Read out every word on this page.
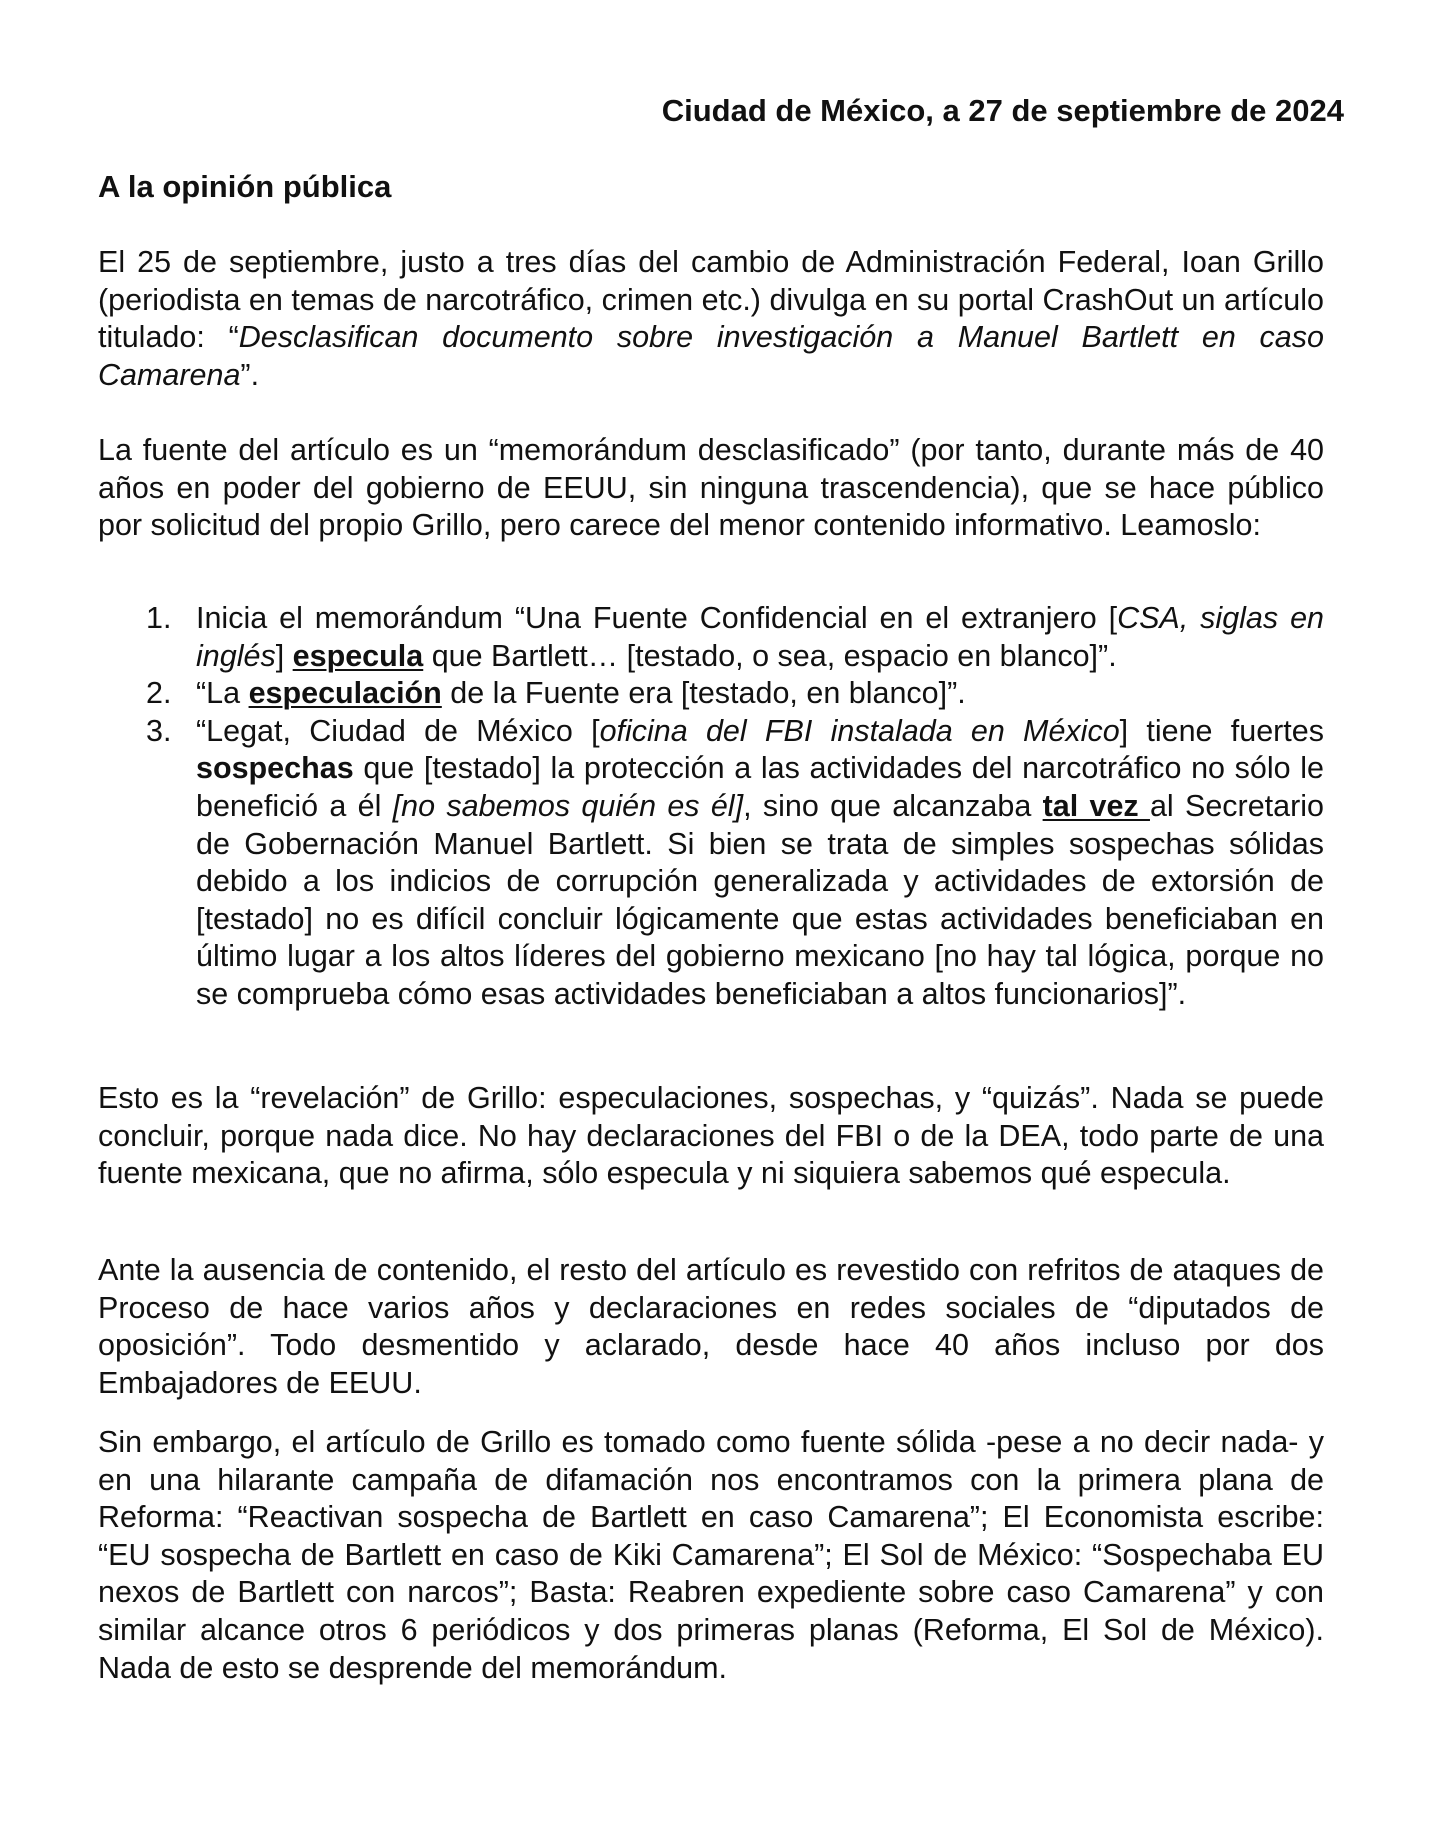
Ciudad de México, a 27 de septiembre de 2024
A la opinión pública
El 25 de septiembre, justo a tres días del cambio de Administración Federal, Ioan Grillo (periodista en temas de narcotráfico, crimen etc.) divulga en su portal CrashOut un artículo titulado: “Desclasifican documento sobre investigación a Manuel Bartlett en caso Camarena”.
La fuente del artículo es un “memorándum desclasificado” (por tanto, durante más de 40 años en poder del gobierno de EEUU, sin ninguna trascendencia), que se hace público por solicitud del propio Grillo, pero carece del menor contenido informativo. Leamoslo:
1. Inicia el memorándum “Una Fuente Confidencial en el extranjero [CSA, siglas en inglés] especula que Bartlett… [testado, o sea, espacio en blanco]”.
2. “La especulación de la Fuente era [testado, en blanco]”.
3. “Legat, Ciudad de México [oficina del FBI instalada en México] tiene fuertes sospechas que [testado] la protección a las actividades del narcotráfico no sólo le benefició a él [no sabemos quién es él], sino que alcanzaba tal vez al Secretario de Gobernación Manuel Bartlett. Si bien se trata de simples sospechas sólidas debido a los indicios de corrupción generalizada y actividades de extorsión de [testado] no es difícil concluir lógicamente que estas actividades beneficiaban en último lugar a los altos líderes del gobierno mexicano [no hay tal lógica, porque no se comprueba cómo esas actividades beneficiaban a altos funcionarios]”.
Esto es la “revelación” de Grillo: especulaciones, sospechas, y “quizás”. Nada se puede concluir, porque nada dice. No hay declaraciones del FBI o de la DEA, todo parte de una fuente mexicana, que no afirma, sólo especula y ni siquiera sabemos qué especula.
Ante la ausencia de contenido, el resto del artículo es revestido con refritos de ataques de Proceso de hace varios años y declaraciones en redes sociales de “diputados de oposición”. Todo desmentido y aclarado, desde hace 40 años incluso por dos Embajadores de EEUU.
Sin embargo, el artículo de Grillo es tomado como fuente sólida -pese a no decir nada- y en una hilarante campaña de difamación nos encontramos con la primera plana de Reforma: “Reactivan sospecha de Bartlett en caso Camarena”; El Economista escribe: “EU sospecha de Bartlett en caso de Kiki Camarena”; El Sol de México: “Sospechaba EU nexos de Bartlett con narcos”; Basta: Reabren expediente sobre caso Camarena” y con similar alcance otros 6 periódicos y dos primeras planas (Reforma, El Sol de México). Nada de esto se desprende del memorándum.
